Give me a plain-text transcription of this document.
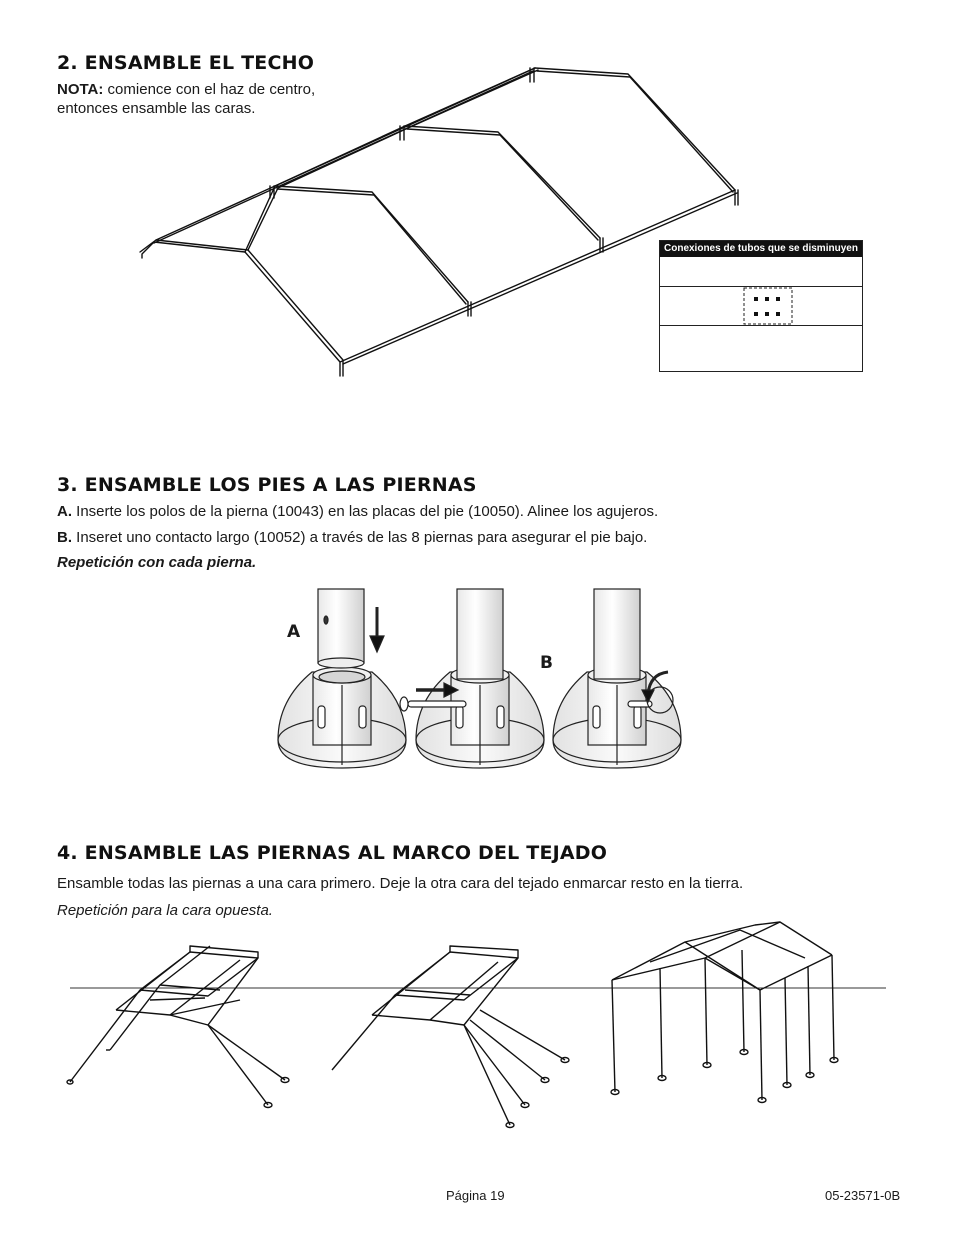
2. ENSAMBLE EL TECHO
NOTA: comience con el haz de centro,
entonces ensamble las caras.
Conexiones de tubos que se disminuyen
3. ENSAMBLE LOS PIES A LAS PIERNAS
A. Inserte los polos de la pierna (10043) en las placas del pie (10050). Alinee los agujeros.
B. Inseret uno contacto largo (10052) a través de las 8 piernas para asegurar el pie bajo.
Repetición con cada pierna.
A
B
4. ENSAMBLE LAS PIERNAS AL MARCO DEL TEJADO
Ensamble todas las piernas a una cara primero. Deje la otra cara del tejado enmarcar resto en la tierra.
Repetición para la cara opuesta.
Página 19	05-23571-0B
